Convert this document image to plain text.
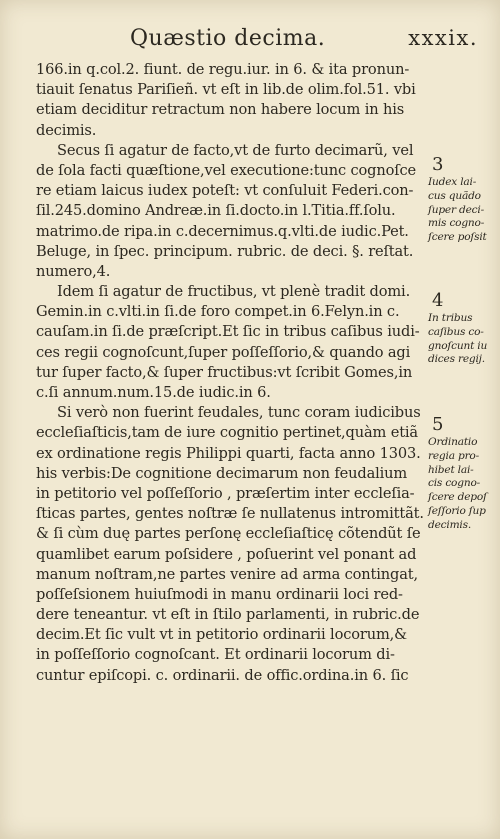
Quæstio decima.	xxxix.
166.in q.col.2. fiunt. de regu.iur. in 6. & ita pronun-
tiauit ſenatus Pariſieñ. vt eſt in lib.de olim.fol.51. vbi
etiam deciditur retractum non habere locum in his
decimis.
Secus ſi agatur de facto,vt de furto decimarũ, vel
de ſola facti quæſtione,vel executione:tunc cognoſce
re etiam laicus iudex poteſt: vt conſuluit Federi.con-
ſil.245.domino Andreæ.in ſi.docto.in l.Titia.ff.ſolu.
matrimo.de ripa.in c.decernimus.q.vlti.de iudic.Pet.
Beluge, in ſpec. principum. rubric. de deci. §. reſtat.
numero,4.
Idem ſi agatur de fructibus, vt plenè tradit domi.
Gemin.in c.vlti.in ſi.de foro compet.in 6.Felyn.in c.
cauſam.in ſi.de præſcript.Et ſic in tribus caſibus iudi-
ces regii cognoſcunt,ſuper poſſeſſorio,& quando agi
tur ſuper facto,& ſuper fructibus:vt ſcribit Gomes,in
c.ſi annum.num.15.de iudic.in 6.
Si verò non fuerint feudales, tunc coram iudicibus
eccleſiaſticis,tam de iure cognitio pertinet,quàm etiã
ex ordinatione regis Philippi quarti, facta anno 1303.
his verbis:De cognitione decimarum non feudalium
in petitorio vel poſſeſſorio , præſertim inter eccleſia-
ſticas partes, gentes noſtræ ſe nullatenus intromittãt.
& ſi cùm duę partes perſonę eccleſiaſticę cõtendũt ſe
quamlibet earum poſsidere , poſuerint vel ponant ad
manum noſtram,ne partes venire ad arma contingat,
poſſeſsionem huiuſmodi in manu ordinarii loci red-
dere teneantur. vt eſt in ſtilo parlamenti, in rubric.de
decim.Et ſic vult vt in petitorio ordinarii locorum,&
in poſſeſſorio cognoſcant. Et ordinarii locorum di-
cuntur epiſcopi. c. ordinarii. de offic.ordina.in 6. ſic
3
Iudex lai-
cus quãdo
ſuper deci-
mis cogno-
ſcere poſsit
4
In tribus
caſibus co-
gnoſcunt iu
dices regij.
5
Ordinatio
regia pro-
hibet lai-
cis cogno-
ſcere depoſ
ſeſſorio ſup
decimis.
